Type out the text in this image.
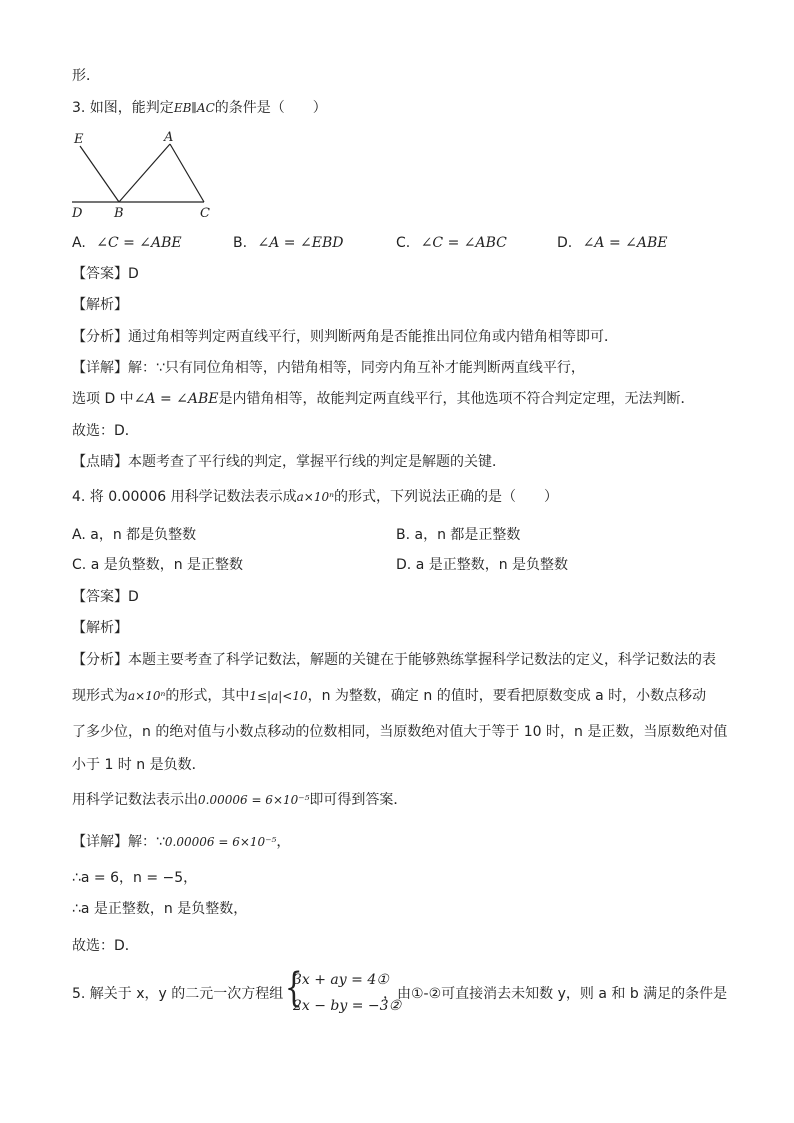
形．
3. 如图，能判定EB∥AC的条件是（　　）
E	A
D B	C
A. ∠C = ∠ABE	B. ∠A = ∠EBD	C. ∠C = ∠ABC	D. ∠A = ∠ABE
【答案】D
【解析】
【分析】通过角相等判定两直线平行，则判断两角是否能推出同位角或内错角相等即可．
【详解】解：∵只有同位角相等，内错角相等，同旁内角互补才能判断两直线平行，
选项 D 中∠A = ∠ABE是内错角相等，故能判定两直线平行，其他选项不符合判定定理，无法判断．
故选：D．
【点睛】本题考查了平行线的判定，掌握平行线的判定是解题的关键．
4. 将 0.00006 用科学记数法表示成a×10ⁿ的形式，下列说法正确的是（　　）
A. a，n 都是负整数	B. a，n 都是正整数
C. a 是负整数，n 是正整数	D. a 是正整数，n 是负整数
【答案】D
【解析】
【分析】本题主要考查了科学记数法，解题的关键在于能够熟练掌握科学记数法的定义，科学记数法的表
现形式为a×10ⁿ的形式，其中1≤|a|<10，n 为整数，确定 n 的值时，要看把原数变成 a 时，小数点移动
了多少位，n 的绝对值与小数点移动的位数相同，当原数绝对值大于等于 10 时，n 是正数，当原数绝对值
小于 1 时 n 是负数．
用科学记数法表示出0.00006 = 6×10⁻⁵即可得到答案．
【详解】解：∵0.00006 = 6×10⁻⁵，
∴a = 6，n = −5，
∴a 是正整数，n 是负整数，
故选：D．
5. 解关于 x，y 的二元一次方程组 {
3x + ay = 4①
2x − by = −3②
，由①-②可直接消去未知数 y，则 a 和 b 满足的条件是
